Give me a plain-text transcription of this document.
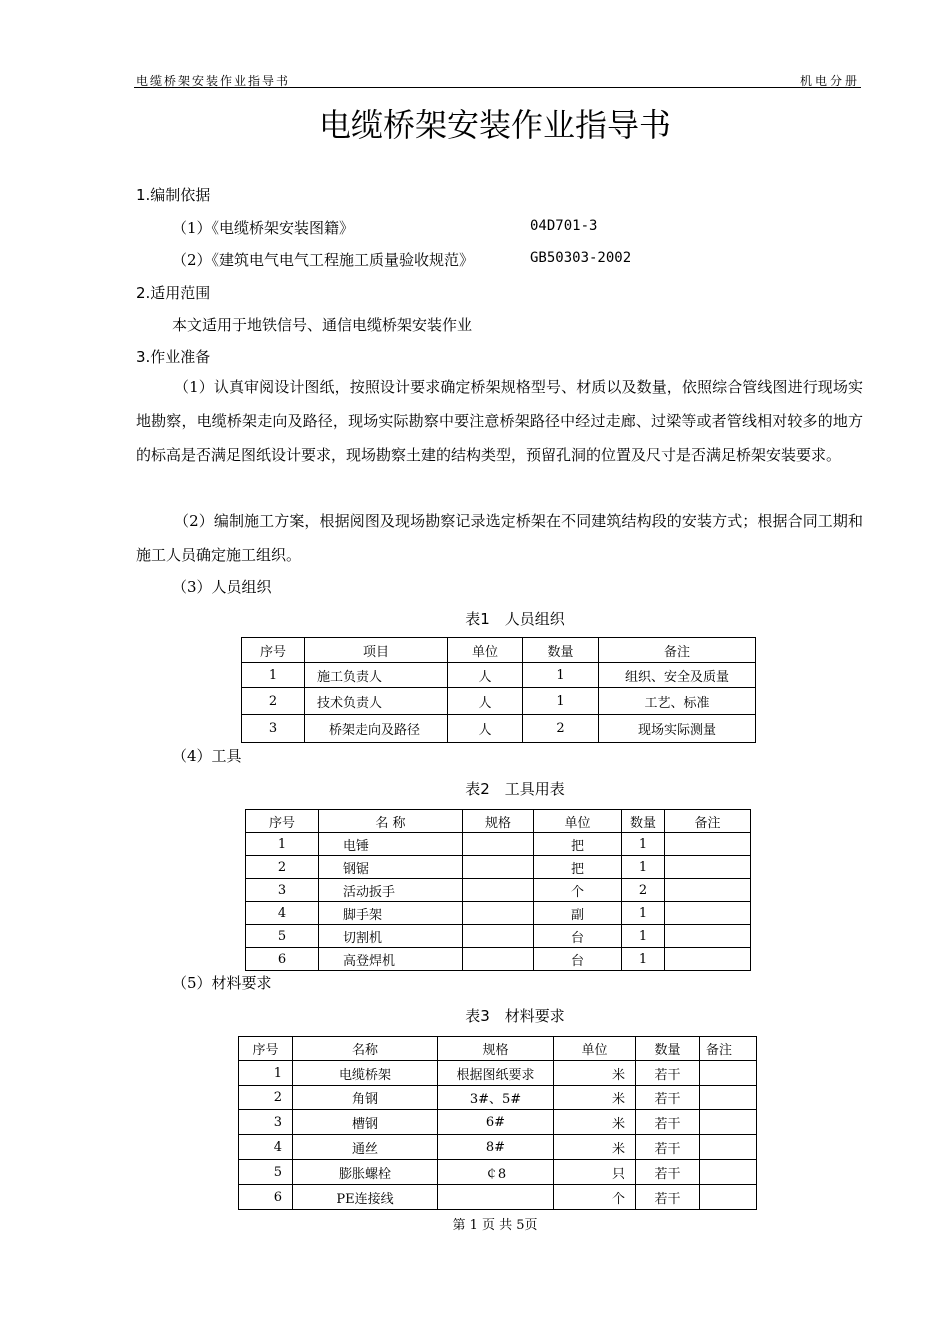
电缆桥架安装作业指导书	机电分册
电缆桥架安装作业指导书
1.编制依据
（1）《电缆桥架安装图籍》	04D701-3
（2）《建筑电气电气工程施工质量验收规范》	GB50303-2002
2.适用范围
本文适用于地铁信号、通信电缆桥架安装作业
3.作业准备

（1）认真审阅设计图纸，按照设计要求确定桥架规格型号、材质以及数量，依照综合管线图进行现场实地勘察，电缆桥架走向及路径，现场实际勘察中要注意桥架路径中经过走廊、过梁等或者管线相对较多的地方的标高是否满足图纸设计要求，现场勘察土建的结构类型，预留孔洞的位置及尺寸是否满足桥架安装要求。

（2）编制施工方案，根据阅图及现场勘察记录选定桥架在不同建筑结构段的安装方式；根据合同工期和施工人员确定施工组织。

（3）人员组织
表1　人员组织
序号	项目	单位	数量	备注
1	施工负责人	人	1	组织、安全及质量
2	技术负责人	人	1	工艺、标准
3	桥架走向及路径	人	2	现场实际测量
（4）工具
表2　工具用表
序号	名 称	规格	单位	数量	备注
1	电锤		把	1	
2	钢锯		把	1	
3	活动扳手		个	2	
4	脚手架		副	1	
5	切割机		台	1	
6	高登焊机		台	1	
（5）材料要求
表3　材料要求
序号	名称	规格	单位	数量	备注
1	电缆桥架	根据图纸要求	米	若干	
2	角钢	3#、5#	米	若干	
3	槽钢	6#	米	若干	
4	通丝	8#	米	若干	
5	膨胀螺栓	￠8	只	若干	
6	PE连接线		个	若干	
第 1 页 共 5页
